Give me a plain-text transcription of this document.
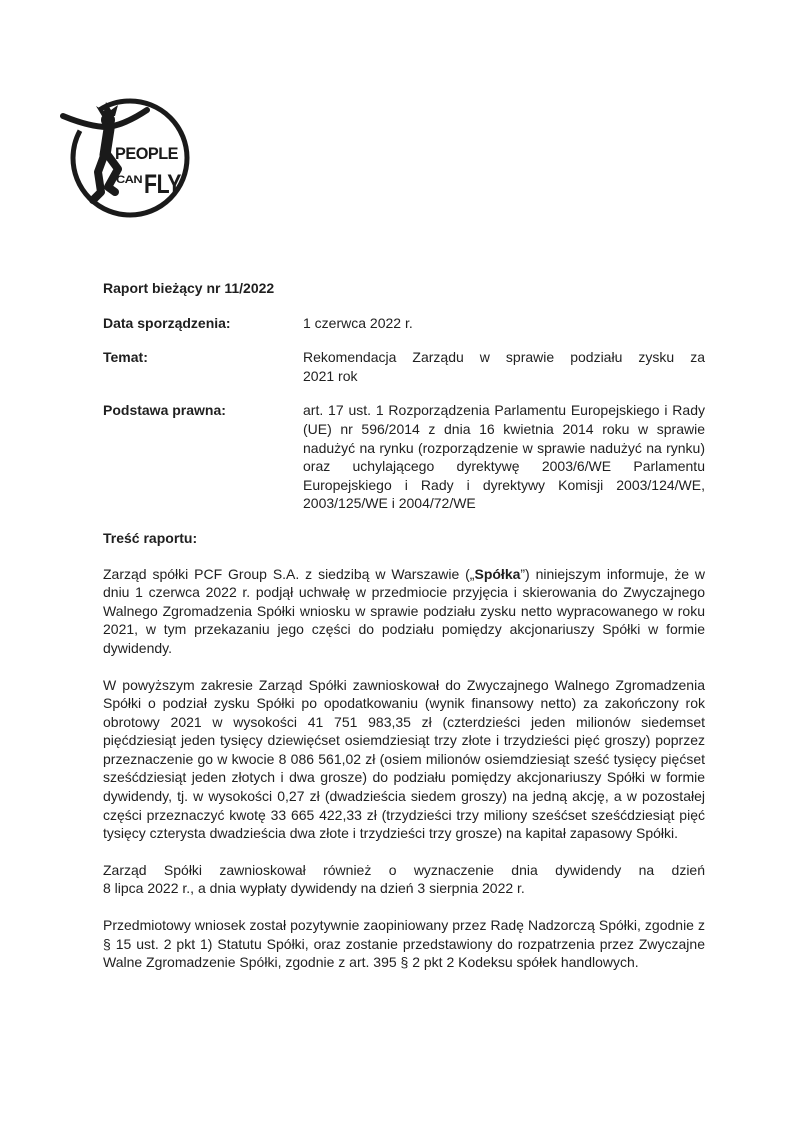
PEOPLE
CAN FLY

Raport bieżący nr 11/2022

Data sporządzenia:	1 czerwca 2022 r.
Temat:	Rekomendacja Zarządu w sprawie podziału zysku za
2021 rok
Podstawa prawna:	art. 17 ust. 1 Rozporządzenia Parlamentu Europejskiego i Rady (UE) nr 596/2014 z dnia 16 kwietnia 2014 roku w sprawie nadużyć na rynku (rozporządzenie w sprawie nadużyć na rynku) oraz uchylającego dyrektywę 2003/6/WE Parlamentu Europejskiego i Rady i dyrektywy Komisji 2003/124/WE, 2003/125/WE i 2004/72/WE

Treść raportu:

Zarząd spółki PCF Group S.A. z siedzibą w Warszawie („Spółka”) niniejszym informuje, że w dniu 1 czerwca 2022 r. podjął uchwałę w przedmiocie przyjęcia i skierowania do Zwyczajnego Walnego Zgromadzenia Spółki wniosku w sprawie podziału zysku netto wypracowanego w roku 2021, w tym przekazaniu jego części do podziału pomiędzy akcjonariuszy Spółki w formie dywidendy.

W powyższym zakresie Zarząd Spółki zawnioskował do Zwyczajnego Walnego Zgromadzenia Spółki o podział zysku Spółki po opodatkowaniu (wynik finansowy netto) za zakończony rok obrotowy 2021 w wysokości 41 751 983,35 zł (czterdzieści jeden milionów siedemset pięćdziesiąt jeden tysięcy dziewięćset osiemdziesiąt trzy złote i trzydzieści pięć groszy) poprzez przeznaczenie go w kwocie 8 086 561,02 zł (osiem milionów osiemdziesiąt sześć tysięcy pięćset sześćdziesiąt jeden złotych i dwa grosze) do podziału pomiędzy akcjonariuszy Spółki w formie dywidendy, tj. w wysokości 0,27 zł (dwadzieścia siedem groszy) na jedną akcję, a w pozostałej części przeznaczyć kwotę 33 665 422,33 zł (trzydzieści trzy miliony sześćset sześćdziesiąt pięć tysięcy czterysta dwadzieścia dwa złote i trzydzieści trzy grosze) na kapitał zapasowy Spółki.

Zarząd Spółki zawnioskował również o wyznaczenie dnia dywidendy na dzień
8 lipca 2022 r., a dnia wypłaty dywidendy na dzień 3 sierpnia 2022 r.

Przedmiotowy wniosek został pozytywnie zaopiniowany przez Radę Nadzorczą Spółki, zgodnie z § 15 ust. 2 pkt 1) Statutu Spółki, oraz zostanie przedstawiony do rozpatrzenia przez Zwyczajne Walne Zgromadzenie Spółki, zgodnie z art. 395 § 2 pkt 2 Kodeksu spółek handlowych.
